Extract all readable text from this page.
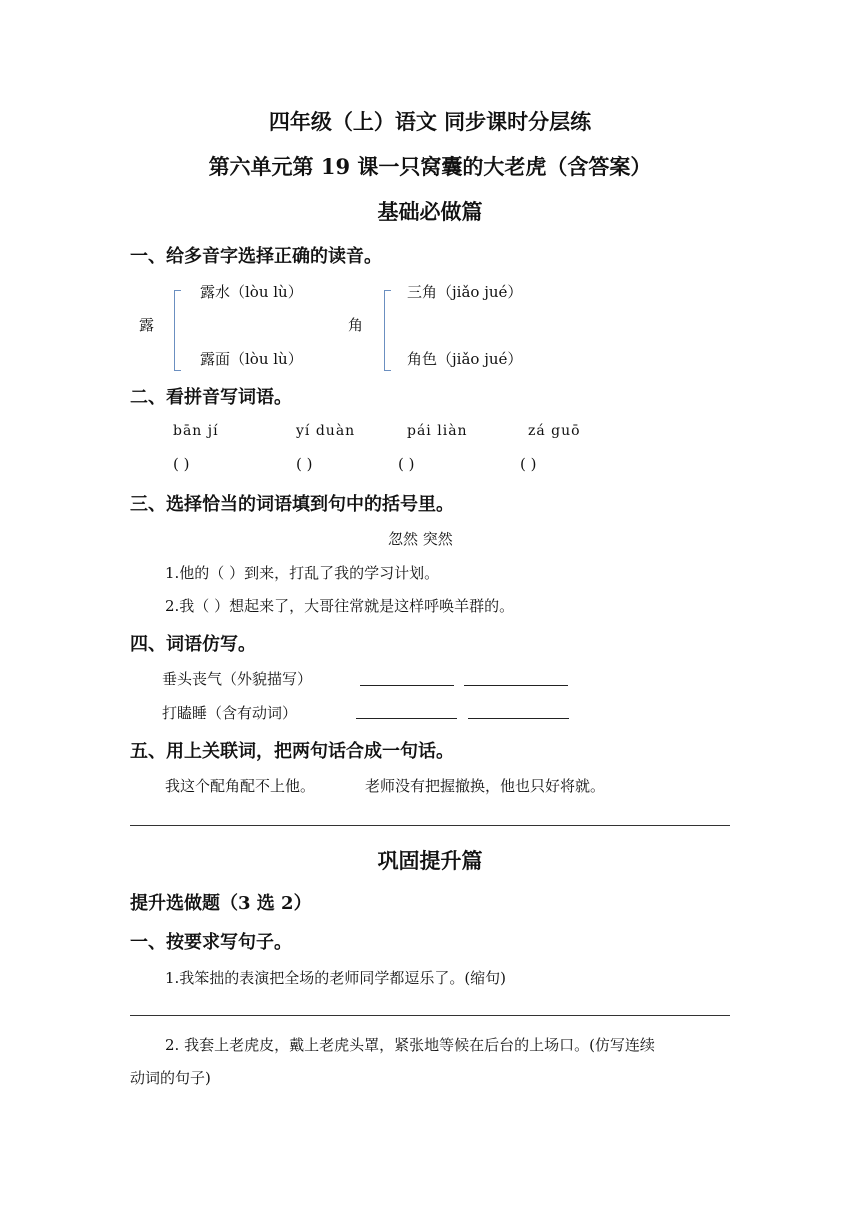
四年级（上）语文 同步课时分层练
第六单元第 19 课一只窝囊的大老虎（含答案）
基础必做篇
一、给多音字选择正确的读音。
露
露水（lòu lù）
露面（lòu lù）
角
三角（jiǎo jué）
角色（jiǎo jué）
二、看拼音写词语。
bān jí	yí duàn	pái liàn	zá guō
( )	( )	( )	( )
三、选择恰当的词语填到句中的括号里。
忽然 突然
1.他的（ ）到来，打乱了我的学习计划。
2.我（ ）想起来了，大哥往常就是这样呼唤羊群的。
四、词语仿写。
垂头丧气（外貌描写）
打瞌睡（含有动词）
五、用上关联词，把两句话合成一句话。
我这个配角配不上他。	老师没有把握撤换，他也只好将就。
巩固提升篇
提升选做题（3 选 2）
一、按要求写句子。
1.我笨拙的表演把全场的老师同学都逗乐了。(缩句)
2. 我套上老虎皮，戴上老虎头罩，紧张地等候在后台的上场口。(仿写连续
动词的句子)
